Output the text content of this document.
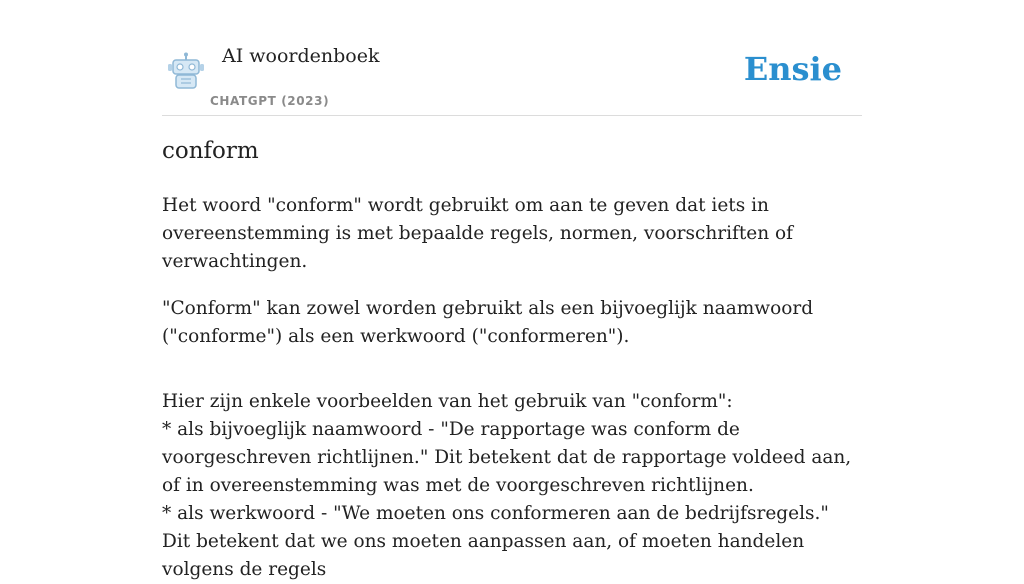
AI woordenboek
CHATGPT (2023)
Ensie
conform

Het woord "conform" wordt gebruikt om aan te geven dat iets in overeenstemming is met bepaalde regels, normen, voorschriften of verwachtingen.

"Conform" kan zowel worden gebruikt als een bijvoeglijk naamwoord ("conforme") als een werkwoord ("conformeren").

Hier zijn enkele voorbeelden van het gebruik van "conform":
* als bijvoeglijk naamwoord - "De rapportage was conform de voorgeschreven richtlijnen." Dit betekent dat de rapportage voldeed aan, of in overeenstemming was met de voorgeschreven richtlijnen.
* als werkwoord - "We moeten ons conformeren aan de bedrijfsregels." Dit betekent dat we ons moeten aanpassen aan, of moeten handelen volgens de regels
